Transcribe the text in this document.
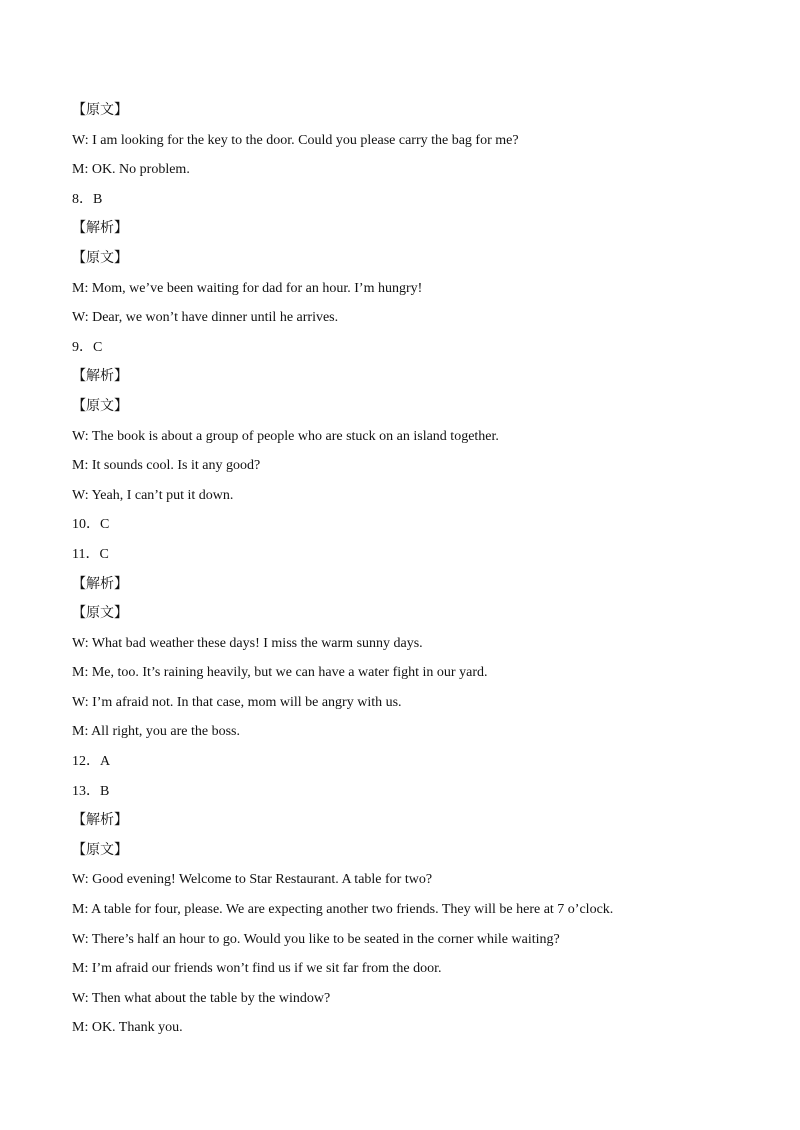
【原文】
W: I am looking for the key to the door. Could you please carry the bag for me?
M: OK. No problem.
8．B
【解析】
【原文】
M: Mom, we’ve been waiting for dad for an hour. I’m hungry!
W: Dear, we won’t have dinner until he arrives.
9．C
【解析】
【原文】
W: The book is about a group of people who are stuck on an island together.
M: It sounds cool. Is it any good?
W: Yeah, I can’t put it down.
10．C
11．C
【解析】
【原文】
W: What bad weather these days! I miss the warm sunny days.
M: Me, too. It’s raining heavily, but we can have a water fight in our yard.
W: I’m afraid not. In that case, mom will be angry with us.
M: All right, you are the boss.
12．A
13．B
【解析】
【原文】
W: Good evening! Welcome to Star Restaurant. A table for two?
M: A table for four, please. We are expecting another two friends. They will be here at 7 o’clock.
W: There’s half an hour to go. Would you like to be seated in the corner while waiting?
M: I’m afraid our friends won’t find us if we sit far from the door.
W: Then what about the table by the window?
M: OK. Thank you.
